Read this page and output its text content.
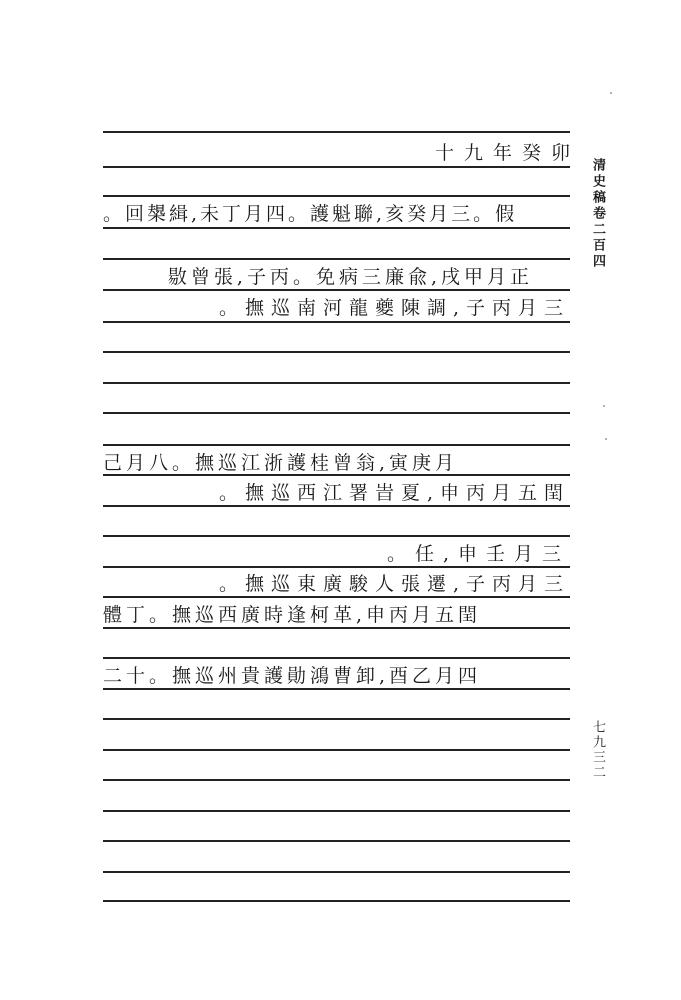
十九年癸卯
假。三月癸亥,聯魁護。四月丁未,緝槼回。
正月甲戌,兪廉三病免。丙子,張曾敭
三月丙子,調陳夔龍河南巡撫。
月庚寅,翁曾桂護浙江巡撫。八月己
閏五月丙申,夏旹署江西巡撫。
三月壬申,任。
三月丙子,遷張人駿廣東巡撫。
閏五月丙申,革柯逢時廣西巡撫。丁體
四月乙酉,卸曹鴻勛護貴州巡撫。十二
清史稿卷二百四
七九三二
